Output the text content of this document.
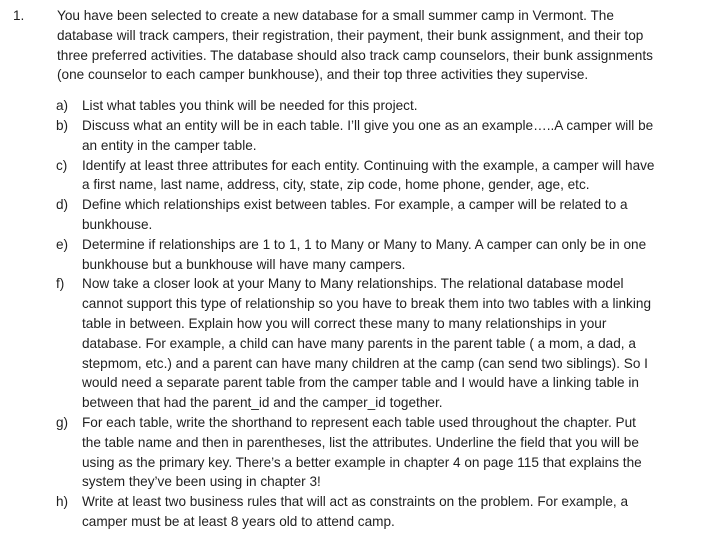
1.	You have been selected to create a new database for a small summer camp in Vermont. The database will track campers, their registration, their payment, their bunk assignment, and their top three preferred activities. The database should also track camp counselors, their bunk assignments (one counselor to each camper bunkhouse), and their top three activities they supervise.
a)	List what tables you think will be needed for this project.
b)	Discuss what an entity will be in each table. I’ll give you one as an example…..A camper will be an entity in the camper table.
c)	Identify at least three attributes for each entity. Continuing with the example, a camper will have a first name, last name, address, city, state, zip code, home phone, gender, age, etc.
d)	Define which relationships exist between tables. For example, a camper will be related to a bunkhouse.
e)	Determine if relationships are 1 to 1, 1 to Many or Many to Many. A camper can only be in one bunkhouse but a bunkhouse will have many campers.
f)	Now take a closer look at your Many to Many relationships. The relational database model cannot support this type of relationship so you have to break them into two tables with a linking table in between. Explain how you will correct these many to many relationships in your database. For example, a child can have many parents in the parent table ( a mom, a dad, a stepmom, etc.) and a parent can have many children at the camp (can send two siblings). So I would need a separate parent table from the camper table and I would have a linking table in between that had the parent_id and the camper_id together.
g)	For each table, write the shorthand to represent each table used throughout the chapter. Put the table name and then in parentheses, list the attributes. Underline the field that you will be using as the primary key. There’s a better example in chapter 4 on page 115 that explains the system they’ve been using in chapter 3!
h)	Write at least two business rules that will act as constraints on the problem. For example, a camper must be at least 8 years old to attend camp.
